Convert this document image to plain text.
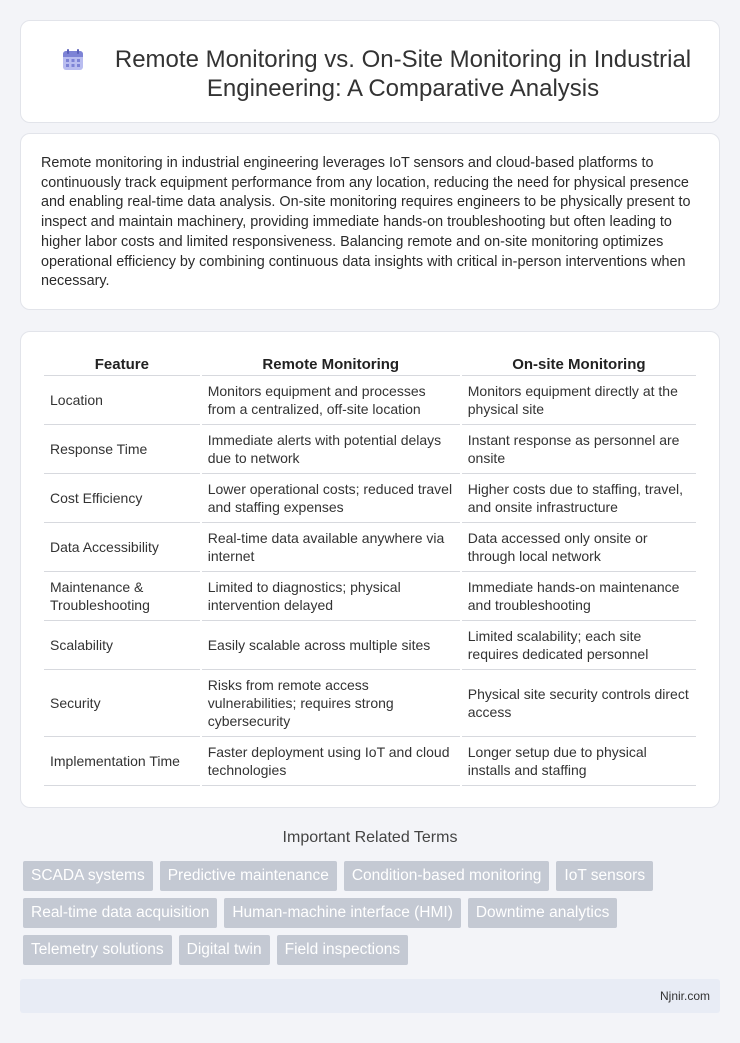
Remote Monitoring vs. On-Site Monitoring in Industrial Engineering: A Comparative Analysis

Remote monitoring in industrial engineering leverages IoT sensors and cloud-based platforms to continuously track equipment performance from any location, reducing the need for physical presence and enabling real-time data analysis. On-site monitoring requires engineers to be physically present to inspect and maintain machinery, providing immediate hands-on troubleshooting but often leading to higher labor costs and limited responsiveness. Balancing remote and on-site monitoring optimizes operational efficiency by combining continuous data insights with critical in-person interventions when necessary.

Feature	Remote Monitoring	On-site Monitoring
Location	Monitors equipment and processes from a centralized, off-site location	Monitors equipment directly at the physical site
Response Time	Immediate alerts with potential delays due to network	Instant response as personnel are onsite
Cost Efficiency	Lower operational costs; reduced travel and staffing expenses	Higher costs due to staffing, travel, and onsite infrastructure
Data Accessibility	Real-time data available anywhere via internet	Data accessed only onsite or through local network
Maintenance & Troubleshooting	Limited to diagnostics; physical intervention delayed	Immediate hands-on maintenance and troubleshooting
Scalability	Easily scalable across multiple sites	Limited scalability; each site requires dedicated personnel
Security	Risks from remote access vulnerabilities; requires strong cybersecurity	Physical site security controls direct access
Implementation Time	Faster deployment using IoT and cloud technologies	Longer setup due to physical installs and staffing
Important Related Terms
SCADA systems	Predictive maintenance	Condition-based monitoring	IoT sensors
Real-time data acquisition	Human-machine interface (HMI)	Downtime analytics
Telemetry solutions	Digital twin	Field inspections
Njnir.com
